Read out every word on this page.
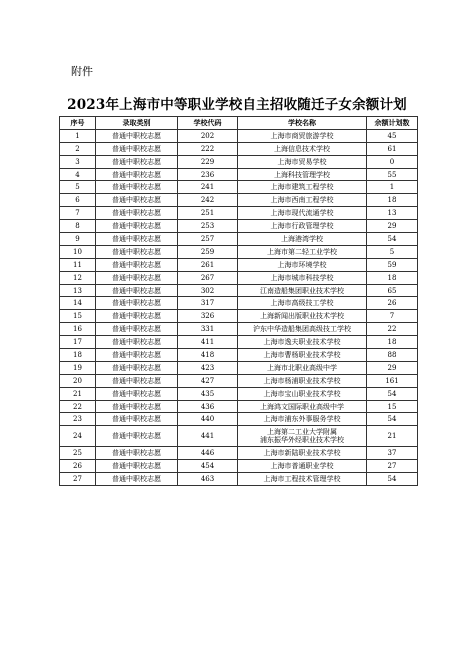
附件
2023年上海市中等职业学校自主招收随迁子女余额计划
序号	录取类别	学校代码	学校名称	余额计划数
1	普通中职校志愿	202	上海市商贸旅游学校	45
2	普通中职校志愿	222	上海信息技术学校	61
3	普通中职校志愿	229	上海市贸易学校	0
4	普通中职校志愿	236	上海科技管理学校	55
5	普通中职校志愿	241	上海市建筑工程学校	1
6	普通中职校志愿	242	上海市西南工程学校	18
7	普通中职校志愿	251	上海市现代流通学校	13
8	普通中职校志愿	253	上海市行政管理学校	29
9	普通中职校志愿	257	上海港湾学校	54
10	普通中职校志愿	259	上海市第二轻工业学校	5
11	普通中职校志愿	261	上海市环境学校	59
12	普通中职校志愿	267	上海市城市科技学校	18
13	普通中职校志愿	302	江南造船集团职业技术学校	65
14	普通中职校志愿	317	上海市高级技工学校	26
15	普通中职校志愿	326	上海新闻出版职业技术学校	7
16	普通中职校志愿	331	沪东中华造船集团高级技工学校	22
17	普通中职校志愿	411	上海市逸夫职业技术学校	18
18	普通中职校志愿	418	上海市曹杨职业技术学校	88
19	普通中职校志愿	423	上海市北职业高级中学	29
20	普通中职校志愿	427	上海市杨浦职业技术学校	161
21	普通中职校志愿	435	上海市宝山职业技术学校	54
22	普通中职校志愿	436	上海鸿文国际职业高级中学	15
23	普通中职校志愿	440	上海市浦东外事服务学校	54
24	普通中职校志愿	441	上海第二工业大学附属
浦东振华外经职业技术学校	21
25	普通中职校志愿	446	上海市新陆职业技术学校	37
26	普通中职校志愿	454	上海市普通职业学校	27
27	普通中职校志愿	463	上海市工程技术管理学校	54
